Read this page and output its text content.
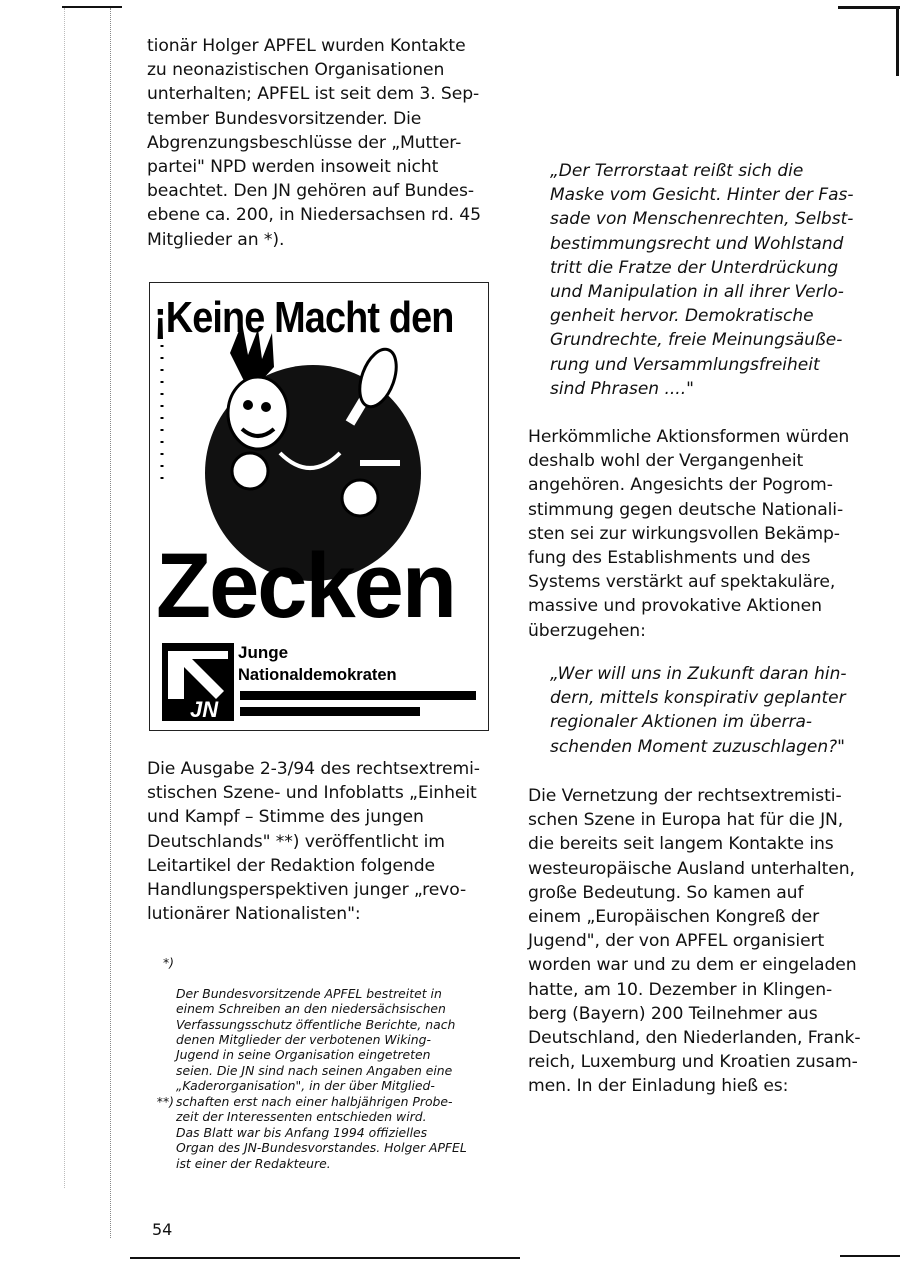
tionär Holger APFEL wurden Kontakte
zu neonazistischen Organisationen
unterhalten; APFEL ist seit dem 3. Sep-
tember Bundesvorsitzender. Die
Abgrenzungsbeschlüsse der „Mutter-
partei" NPD werden insoweit nicht
beachtet. Den JN gehören auf Bundes-
ebene ca. 200, in Niedersachsen rd. 45
Mitglieder an *).

¡Keine Macht den
Zecken
JN
Junge
Nationaldemokraten

Die Ausgabe 2-3/94 des rechtsextremi-
stischen Szene- und Infoblatts „Einheit
und Kampf – Stimme des jungen
Deutschlands" **) veröffentlicht im
Leitartikel der Redaktion folgende
Handlungsperspektiven junger „revo-
lutionärer Nationalisten":

*)

Der Bundesvorsitzende APFEL bestreitet in
einem Schreiben an den niedersächsischen
Verfassungsschutz öffentliche Berichte, nach
denen Mitglieder der verbotenen Wiking-
Jugend in seine Organisation eingetreten
seien. Die JN sind nach seinen Angaben eine
„Kaderorganisation", in der über Mitglied-
schaften erst nach einer halbjährigen Probe-
zeit der Interessenten entschieden wird.

**)

Das Blatt war bis Anfang 1994 offizielles
Organ des JN-Bundesvorstandes. Holger APFEL
ist einer der Redakteure.

„Der Terrorstaat reißt sich die
Maske vom Gesicht. Hinter der Fas-
sade von Menschenrechten, Selbst-
bestimmungsrecht und Wohlstand
tritt die Fratze der Unterdrückung
und Manipulation in all ihrer Verlo-
genheit hervor. Demokratische
Grundrechte, freie Meinungsäuße-
rung und Versammlungsfreiheit
sind Phrasen ...."

Herkömmliche Aktionsformen würden
deshalb wohl der Vergangenheit
angehören. Angesichts der Pogrom-
stimmung gegen deutsche Nationali-
sten sei zur wirkungsvollen Bekämp-
fung des Establishments und des
Systems verstärkt auf spektakuläre,
massive und provokative Aktionen
überzugehen:

„Wer will uns in Zukunft daran hin-
dern, mittels konspirativ geplanter
regionaler Aktionen im überra-
schenden Moment zuzuschlagen?"

Die Vernetzung der rechtsextremisti-
schen Szene in Europa hat für die JN,
die bereits seit langem Kontakte ins
westeuropäische Ausland unterhalten,
große Bedeutung. So kamen auf
einem „Europäischen Kongreß der
Jugend", der von APFEL organisiert
worden war und zu dem er eingeladen
hatte, am 10. Dezember in Klingen-
berg (Bayern) 200 Teilnehmer aus
Deutschland, den Niederlanden, Frank-
reich, Luxemburg und Kroatien zusam-
men. In der Einladung hieß es:

54
